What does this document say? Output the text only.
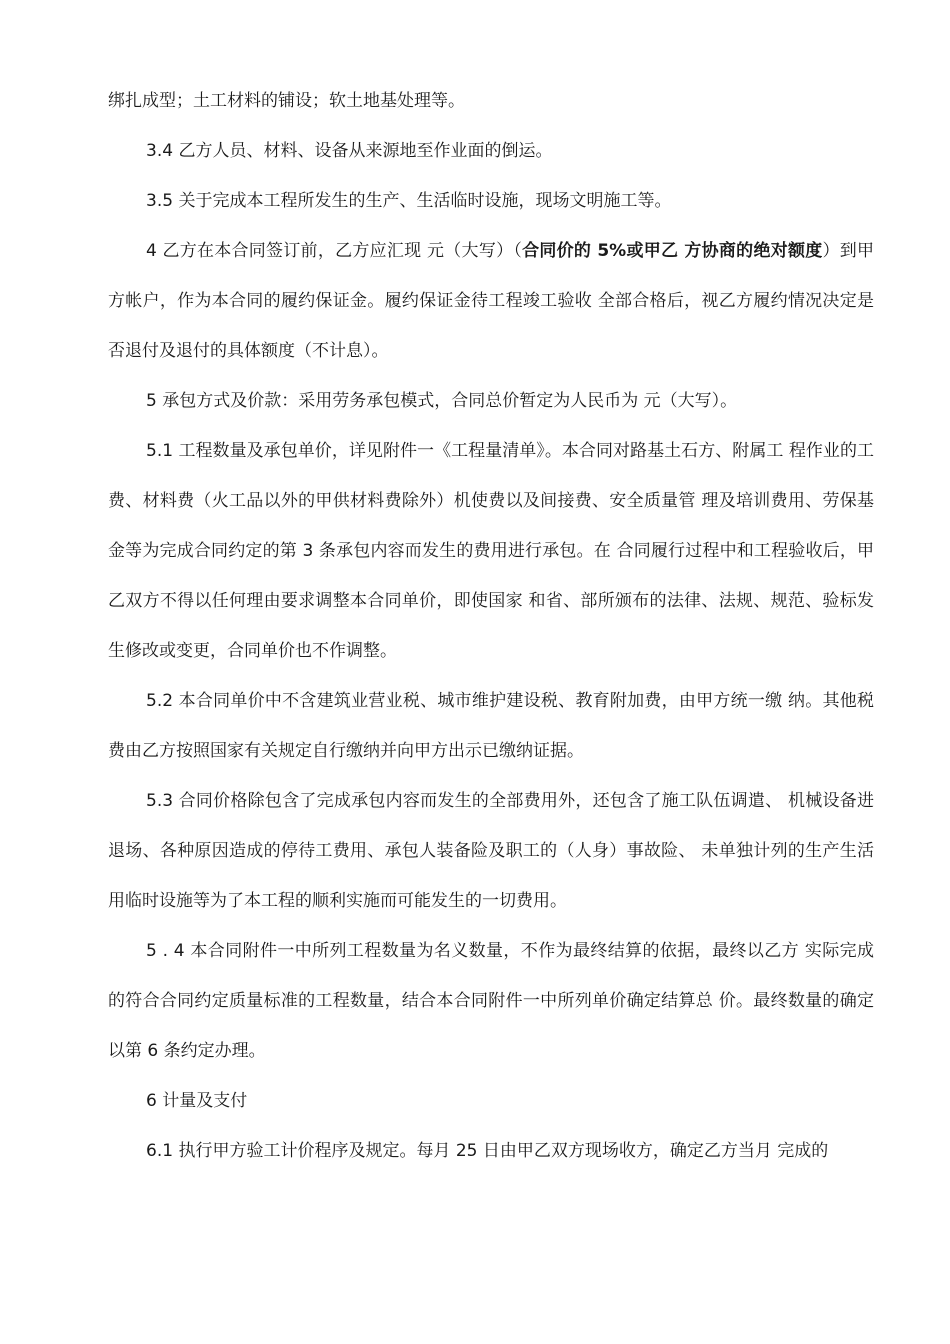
绑扎成型；土工材料的铺设；软土地基处理等。

3.4 乙方人员、材料、设备从来源地至作业面的倒运。

3.5 关于完成本工程所发生的生产、生活临时设施，现场文明施工等。

4 乙方在本合同签订前，乙方应汇现 元（大写）（合同价的 5%或甲乙 方协商的绝对额度）到甲方帐户，作为本合同的履约保证金。履约保证金待工程竣工验收 全部合格后，视乙方履约情况决定是否退付及退付的具体额度（不计息）。

5 承包方式及价款：采用劳务承包模式，合同总价暂定为人民币为 元（大写）。

5.1 工程数量及承包单价，详见附件一《工程量清单》。本合同对路基土石方、附属工 程作业的工费、材料费（火工品以外的甲供材料费除外）机使费以及间接费、安全质量管 理及培训费用、劳保基金等为完成合同约定的第 3 条承包内容而发生的费用进行承包。在 合同履行过程中和工程验收后，甲乙双方不得以任何理由要求调整本合同单价，即使国家 和省、部所颁布的法律、法规、规范、验标发生修改或变更，合同单价也不作调整。

5.2 本合同单价中不含建筑业营业税、城市维护建设税、教育附加费，由甲方统一缴 纳。其他税费由乙方按照国家有关规定自行缴纳并向甲方出示已缴纳证据。

5.3 合同价格除包含了完成承包内容而发生的全部费用外，还包含了施工队伍调遣、 机械设备进退场、各种原因造成的停待工费用、承包人装备险及职工的（人身）事故险、 未单独计列的生产生活用临时设施等为了本工程的顺利实施而可能发生的一切费用。

5 . 4 本合同附件一中所列工程数量为名义数量，不作为最终结算的依据，最终以乙方 实际完成的符合合同约定质量标准的工程数量，结合本合同附件一中所列单价确定结算总 价。最终数量的确定以第 6 条约定办理。

6 计量及支付

6.1 执行甲方验工计价程序及规定。每月 25 日由甲乙双方现场收方，确定乙方当月 完成的
